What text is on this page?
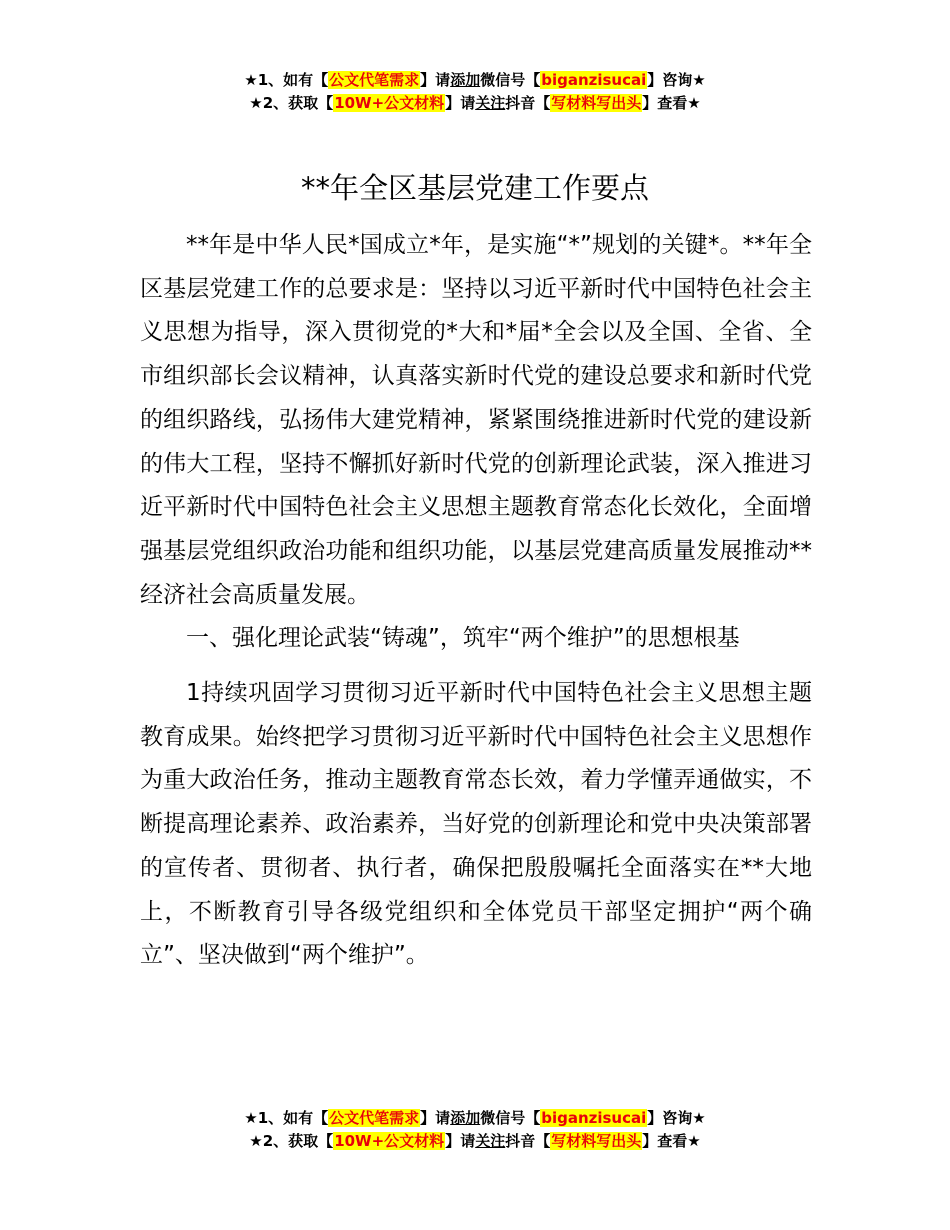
★1、如有【公文代笔需求】请添加微信号【biganzisucai】咨询★
★2、获取【10W+公文材料】请关注抖音【写材料写出头】查看★
**年全区基层党建工作要点

**年是中华人民*国成立*年，是实施“*”规划的关键*。**年全区基层党建工作的总要求是：坚持以习近平新时代中国特色社会主义思想为指导，深入贯彻党的*大和*届*全会以及全国、全省、全市组织部长会议精神，认真落实新时代党的建设总要求和新时代党的组织路线，弘扬伟大建党精神，紧紧围绕推进新时代党的建设新的伟大工程，坚持不懈抓好新时代党的创新理论武装，深入推进习近平新时代中国特色社会主义思想主题教育常态化长效化，全面增强基层党组织政治功能和组织功能，以基层党建高质量发展推动**经济社会高质量发展。

一、强化理论武装“铸魂”，筑牢“两个维护”的思想根基

1持续巩固学习贯彻习近平新时代中国特色社会主义思想主题教育成果。始终把学习贯彻习近平新时代中国特色社会主义思想作为重大政治任务，推动主题教育常态长效，着力学懂弄通做实，不断提高理论素养、政治素养，当好党的创新理论和党中央决策部署的宣传者、贯彻者、执行者，确保把殷殷嘱托全面落实在**大地上，不断教育引导各级党组织和全体党员干部坚定拥护“两个确立”、坚决做到“两个维护”。

★1、如有【公文代笔需求】请添加微信号【biganzisucai】咨询★
★2、获取【10W+公文材料】请关注抖音【写材料写出头】查看★
